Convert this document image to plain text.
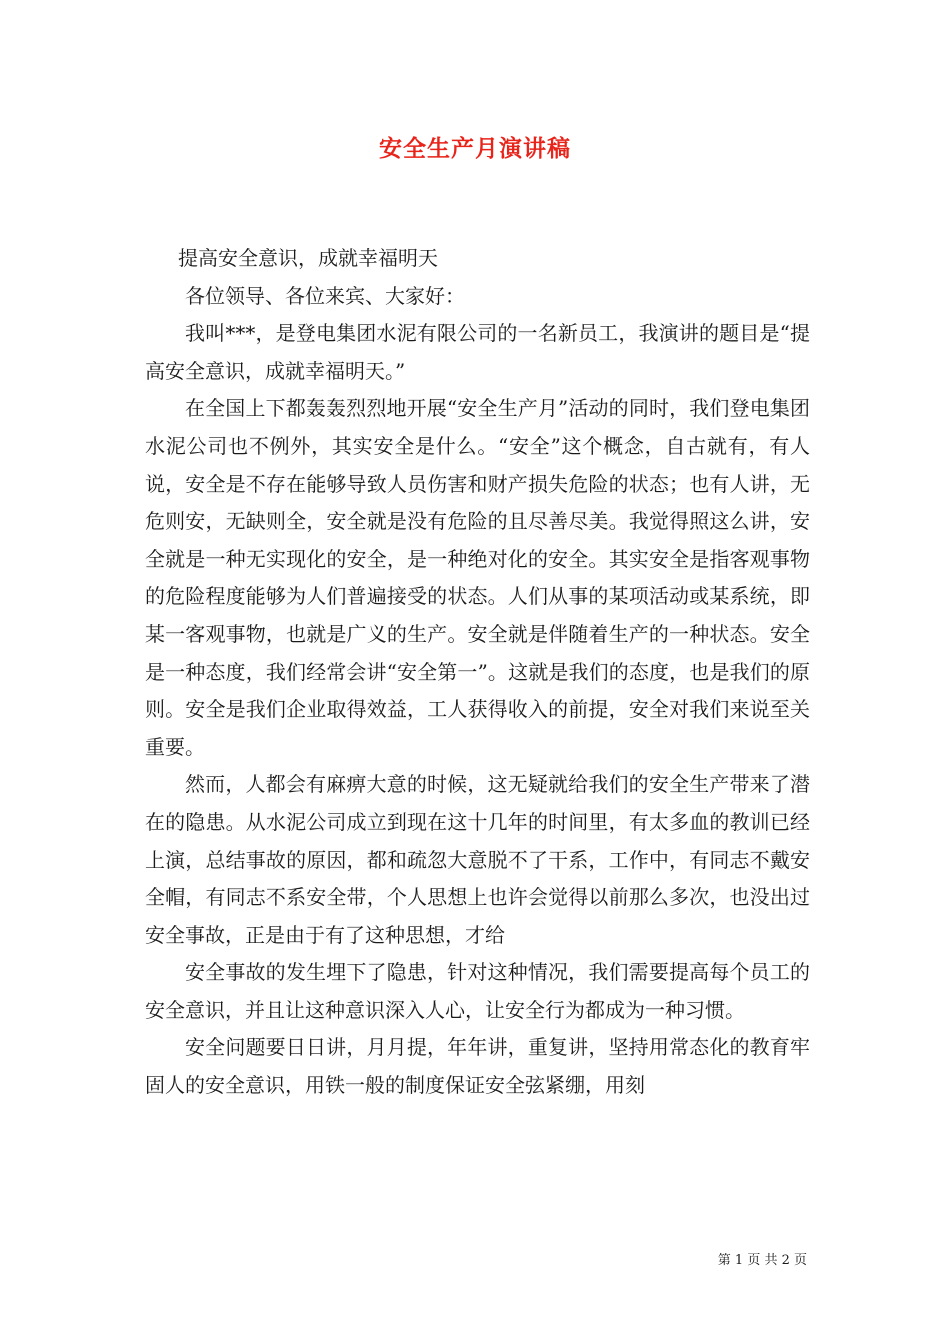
安全生产月演讲稿

提高安全意识，成就幸福明天

各位领导、各位来宾、大家好：

我叫***，是登电集团水泥有限公司的一名新员工，我演讲的题目是“提高安全意识，成就幸福明天。”

在全国上下都轰轰烈烈地开展“安全生产月”活动的同时，我们登电集团水泥公司也不例外，其实安全是什么。“安全”这个概念，自古就有，有人说，安全是不存在能够导致人员伤害和财产损失危险的状态；也有人讲，无危则安，无缺则全，安全就是没有危险的且尽善尽美。我觉得照这么讲，安全就是一种无实现化的安全，是一种绝对化的安全。其实安全是指客观事物的危险程度能够为人们普遍接受的状态。人们从事的某项活动或某系统，即某一客观事物，也就是广义的生产。安全就是伴随着生产的一种状态。安全是一种态度，我们经常会讲“安全第一”。这就是我们的态度，也是我们的原则。安全是我们企业取得效益，工人获得收入的前提，安全对我们来说至关重要。

然而，人都会有麻痹大意的时候，这无疑就给我们的安全生产带来了潜在的隐患。从水泥公司成立到现在这十几年的时间里，有太多血的教训已经上演，总结事故的原因，都和疏忽大意脱不了干系，工作中，有同志不戴安全帽，有同志不系安全带，个人思想上也许会觉得以前那么多次，也没出过安全事故，正是由于有了这种思想，才给

安全事故的发生埋下了隐患，针对这种情况，我们需要提高每个员工的安全意识，并且让这种意识深入人心，让安全行为都成为一种习惯。

安全问题要日日讲，月月提，年年讲，重复讲，坚持用常态化的教育牢固人的安全意识，用铁一般的制度保证安全弦紧绷，用刻

第 1 页 共 2 页
